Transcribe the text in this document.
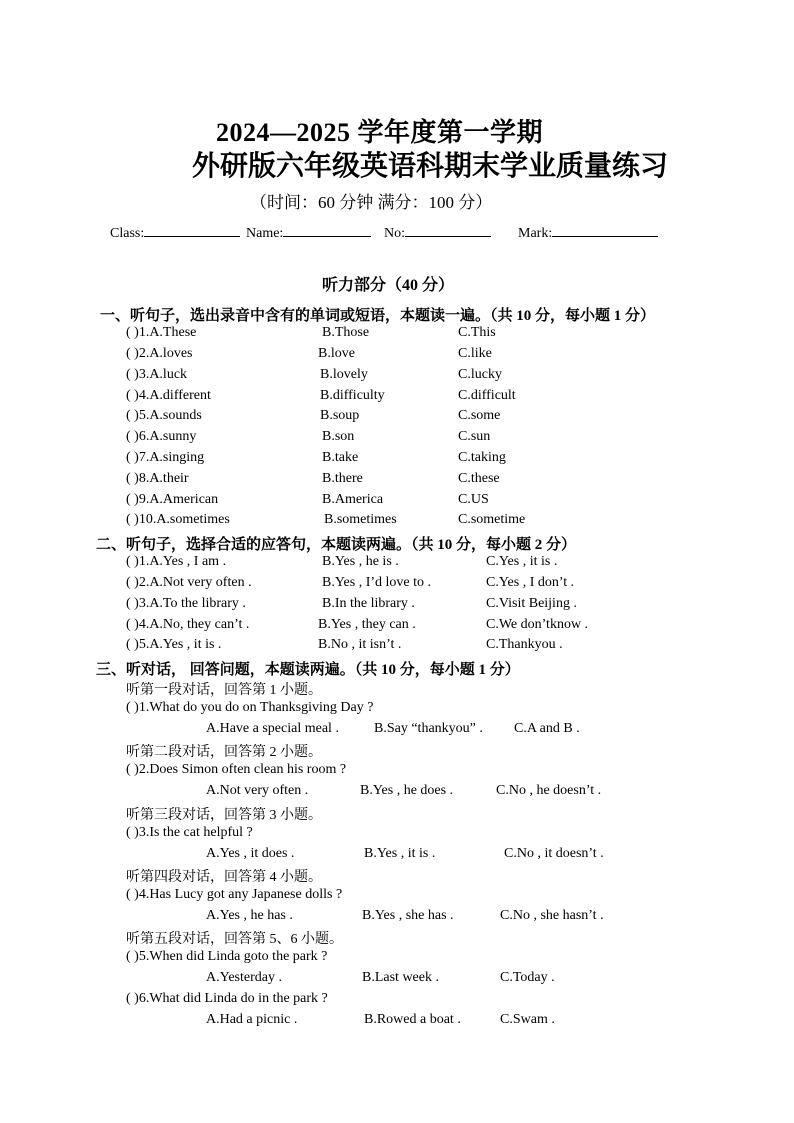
2024—2025 学年度第一学期
外研版六年级英语科期末学业质量练习
（时间：60 分钟 满分：100 分）
Class:	Name:	No:	Mark:
听力部分（40 分）
一、听句子，选出录音中含有的单词或短语，本题读一遍。（共 10 分，每小题 1 分）
( )1.A.These	B.Those	C.This
( )2.A.loves	B.love	C.like
( )3.A.luck	B.lovely	C.lucky
( )4.A.different	B.difficulty	C.difficult
( )5.A.sounds	B.soup	C.some
( )6.A.sunny	B.son	C.sun
( )7.A.singing	B.take	C.taking
( )8.A.their	B.there	C.these
( )9.A.American	B.America	C.US
( )10.A.sometimes	B.sometimes	C.sometime
二、听句子，选择合适的应答句，本题读两遍。（共 10 分，每小题 2 分）
( )1.A.Yes , I am .	B.Yes , he is .	C.Yes , it is .
( )2.A.Not very often .	B.Yes , I’d love to .	C.Yes , I don’t .
( )3.A.To the library .	B.In the library .	C.Visit Beijing .
( )4.A.No, they can’t .	B.Yes , they can .	C.We don’tknow .
( )5.A.Yes , it is .	B.No , it isn’t .	C.Thankyou .
三、听对话， 回答问题，本题读两遍。（共 10 分，每小题 1 分）
听第一段对话，回答第 1 小题。
( )1.What do you do on Thanksgiving Day ?
A.Have a special meal .	B.Say “thankyou” . C.A and B .
听第二段对话，回答第 2 小题。
( )2.Does Simon often clean his room ?
A.Not very often .	B.Yes , he does .	C.No , he doesn’t .
听第三段对话，回答第 3 小题。
( )3.Is the cat helpful ?
A.Yes , it does .	B.Yes , it is .	C.No , it doesn’t .
听第四段对话，回答第 4 小题。
( )4.Has Lucy got any Japanese dolls ?
A.Yes , he has .	B.Yes , she has .	C.No , she hasn’t .
听第五段对话，回答第 5、6 小题。
( )5.When did Linda goto the park ?
A.Yesterday .	B.Last week .	C.Today .
( )6.What did Linda do in the park ?
A.Had a picnic .	B.Rowed a boat .	C.Swam .
